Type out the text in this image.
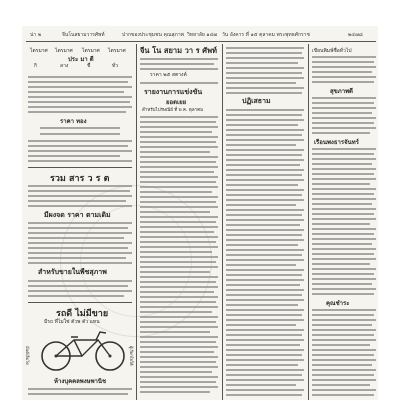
น่า ๒	จีนโนสยามวารศัพท์	ปากของประชุมชน คุณสุภาพ วิทยาลัย ๑๔๗ วัน อังคาร ที่ ๑๕ ตุลาคม พระพุทธศักราช	๒๔๗๘
ไตรมาศ ไตรมาศ ไตรมาศ ไตรมาศ
ประ มา ดี
กิ	ลาง	ชื่	ทั่ว
ราคา ทอง
รวม สาร ว ร ต
มีผงจด ราคา ตามเดิม
สำหรับขายในพืชสุภาพ
รถดี ไม่มีขาย
มีรถ ที่ไม่ใช่ ตัวพ ตัว แทน
ม้นต์เย็บโด	ผู้เรียกใจให้
ห้างบุคคลพงษพานิช
จีน โน สยาม วา ร ศัพท์
ราคา ๒๕ สตางค์
รายงานการแข่งขัน
ยอดเยย
สำหรับไปรษณีย์ ที่ พ ค. ตุลาคม
ปฏิเสธาม
เขียนพิมพ์ชื่อทั่วไป
สุขภาพดี
เรือนพงธารจันทร์
คุณชำระ
